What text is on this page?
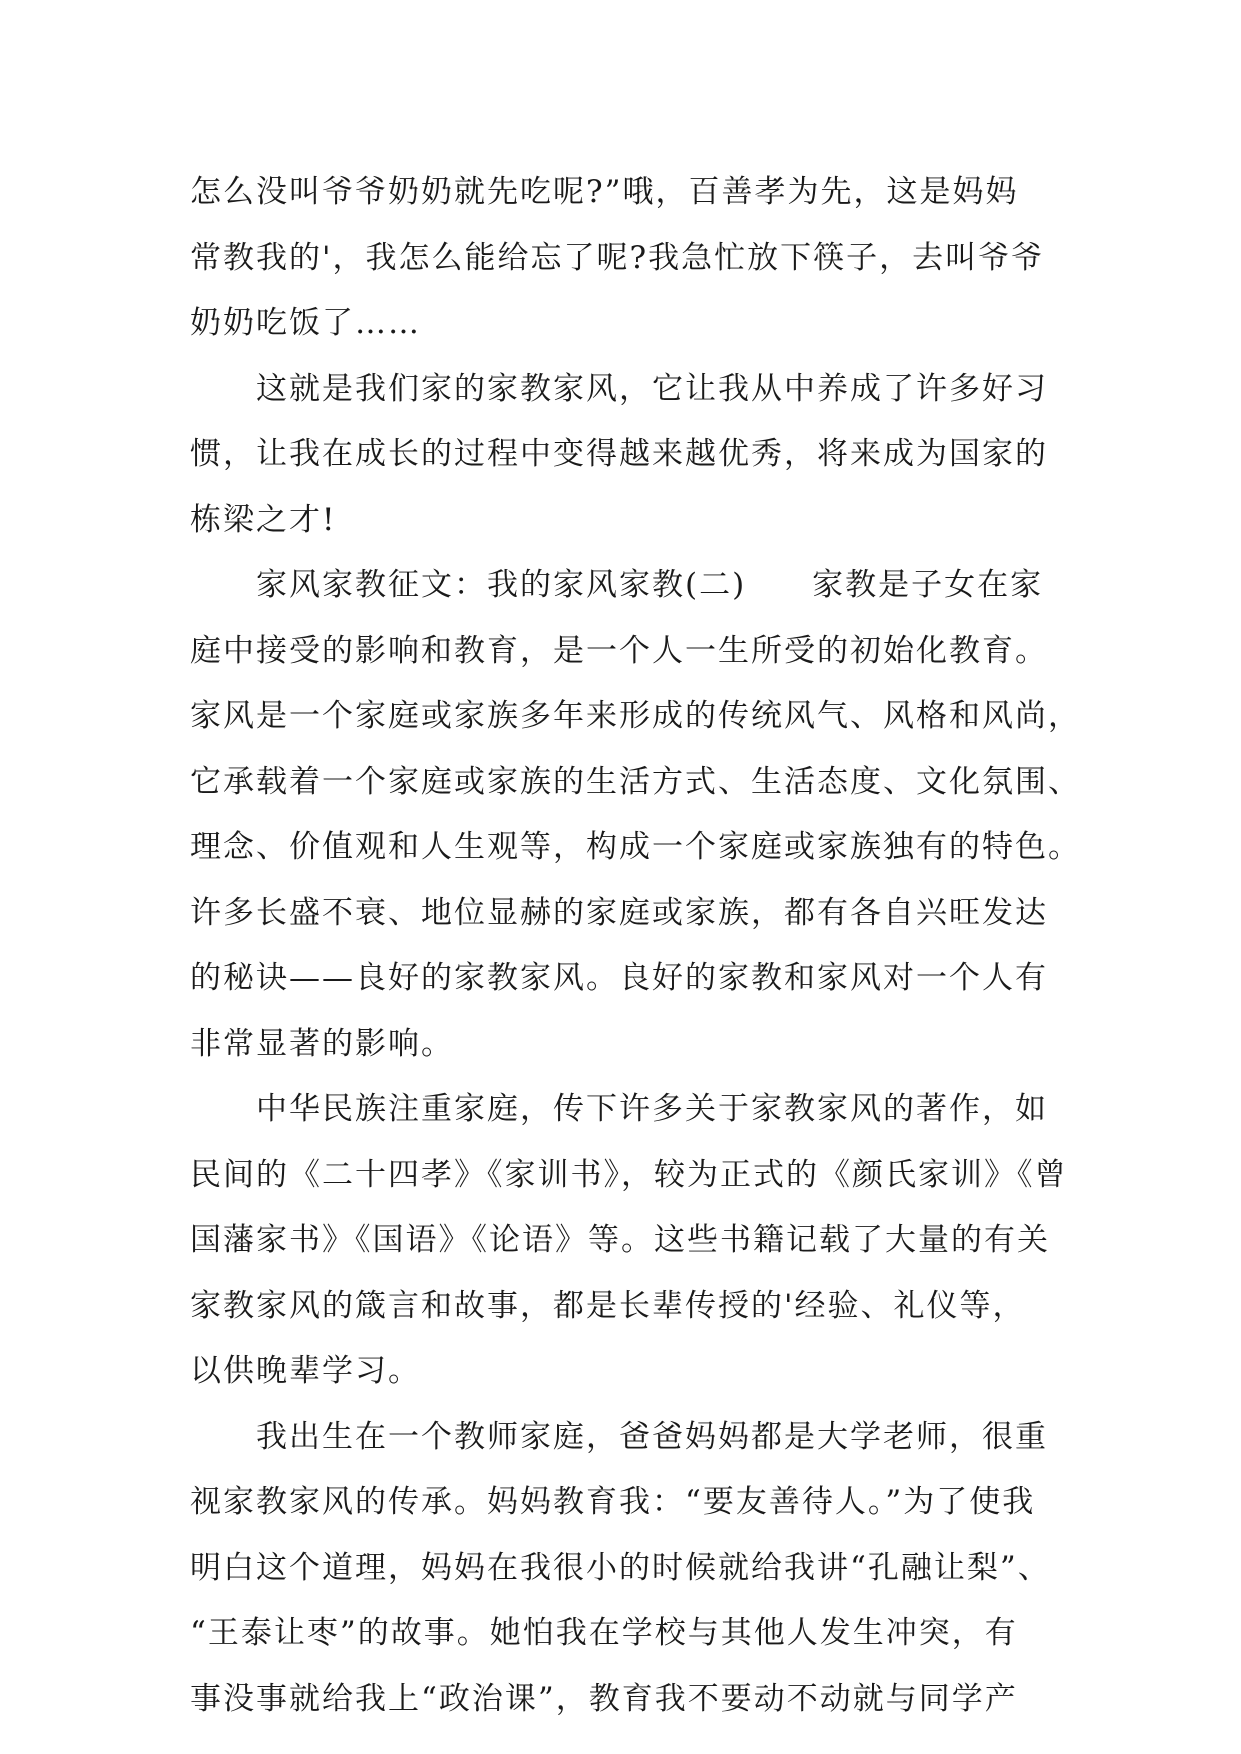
怎么没叫爷爷奶奶就先吃呢?”哦，百善孝为先，这是妈妈
常教我的'，我怎么能给忘了呢?我急忙放下筷子，去叫爷爷
奶奶吃饭了……
这就是我们家的家教家风，它让我从中养成了许多好习
惯，让我在成长的过程中变得越来越优秀，将来成为国家的
栋梁之才!
家风家教征文：我的家风家教(二)　　家教是子女在家
庭中接受的影响和教育，是一个人一生所受的初始化教育。
家风是一个家庭或家族多年来形成的传统风气、风格和风尚，
它承载着一个家庭或家族的生活方式、生活态度、文化氛围、
理念、价值观和人生观等，构成一个家庭或家族独有的特色。
许多长盛不衰、地位显赫的家庭或家族，都有各自兴旺发达
的秘诀——良好的家教家风。良好的家教和家风对一个人有
非常显著的影响。
中华民族注重家庭，传下许多关于家教家风的著作，如
民间的《二十四孝》《家训书》，较为正式的《颜氏家训》《曾
国藩家书》《国语》《论语》等。这些书籍记载了大量的有关
家教家风的箴言和故事，都是长辈传授的'经验、礼仪等，
以供晚辈学习。
我出生在一个教师家庭，爸爸妈妈都是大学老师，很重
视家教家风的传承。妈妈教育我：“要友善待人。”为了使我
明白这个道理，妈妈在我很小的时候就给我讲“孔融让梨”、
“王泰让枣”的故事。她怕我在学校与其他人发生冲突，有
事没事就给我上“政治课”，教育我不要动不动就与同学产
